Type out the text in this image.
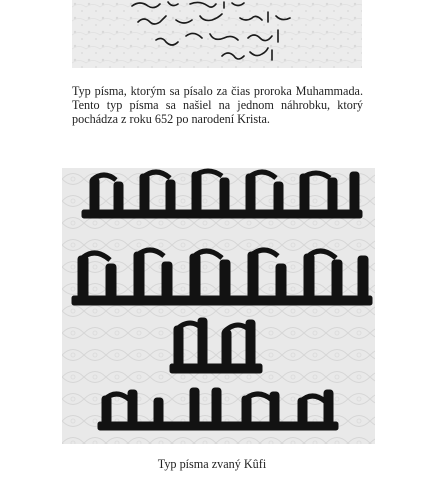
Typ písma, ktorým sa písalo za čias proroka Muhammada. Tento typ písma sa našiel na jednom náhrobku, ktorý pochádza z roku 652 po narodení Krista.
Typ písma zvaný Kûfi
